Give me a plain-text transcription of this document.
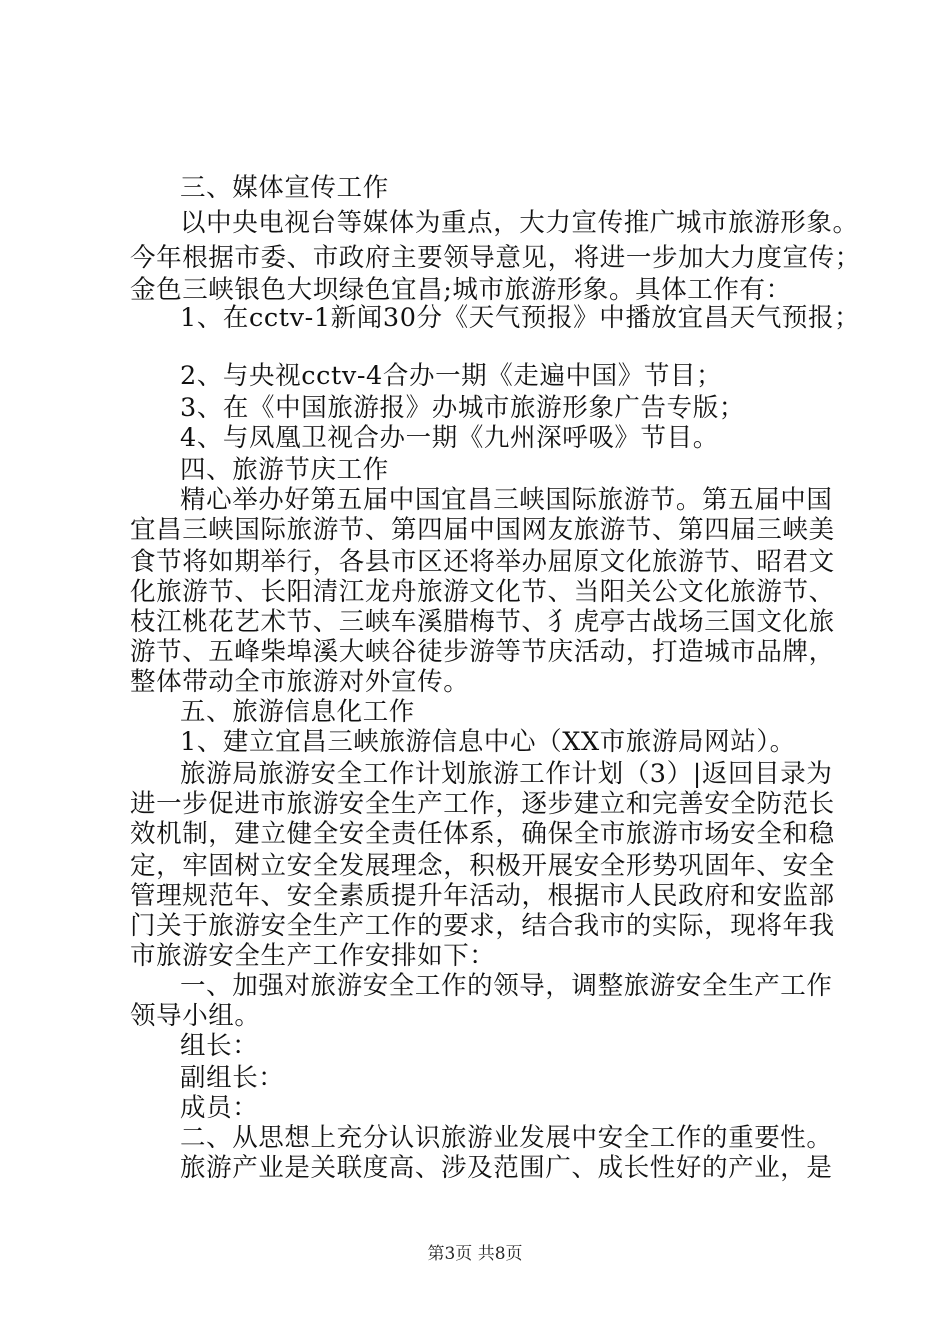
三、媒体宣传工作
以中央电视台等媒体为重点，大力宣传推广城市旅游形象。
今年根据市委、市政府主要领导意见，将进一步加大力度宣传；
金色三峡银色大坝绿色宜昌;城市旅游形象。具体工作有：
1、在cctv-1新闻30分《天气预报》中播放宜昌天气预报；
2、与央视cctv-4合办一期《走遍中国》节目；
3、在《中国旅游报》办城市旅游形象广告专版；
4、与凤凰卫视合办一期《九州深呼吸》节目。
四、旅游节庆工作
精心举办好第五届中国宜昌三峡国际旅游节。第五届中国
宜昌三峡国际旅游节、第四届中国网友旅游节、第四届三峡美
食节将如期举行，各县市区还将举办屈原文化旅游节、昭君文
化旅游节、长阳清江龙舟旅游文化节、当阳关公文化旅游节、
枝江桃花艺术节、三峡车溪腊梅节、犭虎亭古战场三国文化旅
游节、五峰柴埠溪大峡谷徒步游等节庆活动，打造城市品牌，
整体带动全市旅游对外宣传。
五、旅游信息化工作
1、建立宜昌三峡旅游信息中心（XX市旅游局网站）。
旅游局旅游安全工作计划旅游工作计划（3）|返回目录为
进一步促进市旅游安全生产工作，逐步建立和完善安全防范长
效机制，建立健全安全责任体系，确保全市旅游市场安全和稳
定，牢固树立安全发展理念，积极开展安全形势巩固年、安全
管理规范年、安全素质提升年活动，根据市人民政府和安监部
门关于旅游安全生产工作的要求，结合我市的实际，现将年我
市旅游安全生产工作安排如下：
一、加强对旅游安全工作的领导，调整旅游安全生产工作
领导小组。
组长：
副组长：
成员：
二、从思想上充分认识旅游业发展中安全工作的重要性。
旅游产业是关联度高、涉及范围广、成长性好的产业，是
第3页 共8页
